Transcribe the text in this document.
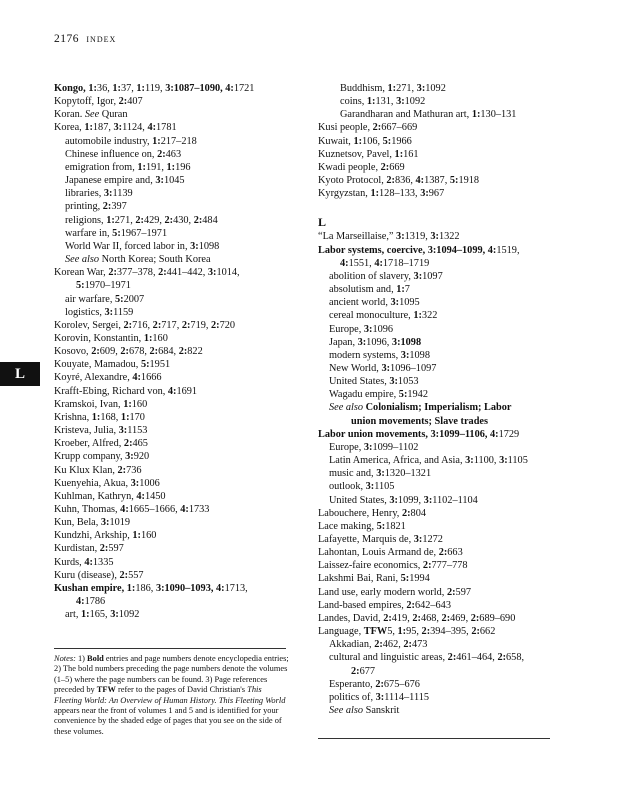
2176 index
L
Kongo, 1:36, 1:37, 1:119, 3:1087–1090, 4:1721
Kopytoff, Igor, 2:407
Koran. See Quran
Korea, 1:187, 3:1124, 4:1781
automobile industry, 1:217–218
Chinese influence on, 2:463
emigration from, 1:191, 1:196
Japanese empire and, 3:1045
libraries, 3:1139
printing, 2:397
religions, 1:271, 2:429, 2:430, 2:484
warfare in, 5:1967–1971
World War II, forced labor in, 3:1098
See also North Korea; South Korea
Korean War, 2:377–378, 2:441–442, 3:1014,
5:1970–1971
air warfare, 5:2007
logistics, 3:1159
Korolev, Sergei, 2:716, 2:717, 2:719, 2:720
Korovin, Konstantin, 1:160
Kosovo, 2:609, 2:678, 2:684, 2:822
Kouyate, Mamadou, 5:1951
Koyré, Alexandre, 4:1666
Krafft-Ebing, Richard von, 4:1691
Kramskoi, Ivan, 1:160
Krishna, 1:168, 1:170
Kristeva, Julia, 3:1153
Kroeber, Alfred, 2:465
Krupp company, 3:920
Ku Klux Klan, 2:736
Kuenyehia, Akua, 3:1006
Kuhlman, Kathryn, 4:1450
Kuhn, Thomas, 4:1665–1666, 4:1733
Kun, Bela, 3:1019
Kundzhi, Arkship, 1:160
Kurdistan, 2:597
Kurds, 4:1335
Kuru (disease), 2:557
Kushan empire, 1:186, 3:1090–1093, 4:1713,
4:1786
art, 1:165, 3:1092
Notes: 1) Bold entries and page numbers denote encyclopedia entries; 2) The bold numbers preceding the page numbers denote the volumes (1–5) where the page numbers can be found. 3) Page references preceded by TFW refer to the pages of David Christian's This Fleeting World: An Overview of Human History. This Fleeting World appears near the front of volumes 1 and 5 and is identified for your convenience by the shaded edge of pages that you see on the side of these volumes.
Buddhism, 1:271, 3:1092
coins, 1:131, 3:1092
Garandharan and Mathuran art, 1:130–131
Kusi people, 2:667–669
Kuwait, 1:106, 5:1966
Kuznetsov, Pavel, 1:161
Kwadi people, 2:669
Kyoto Protocol, 2:836, 4:1387, 5:1918
Kyrgyzstan, 1:128–133, 3:967
L
“La Marseillaise,” 3:1319, 3:1322
Labor systems, coercive, 3:1094–1099, 4:1519,
4:1551, 4:1718–1719
abolition of slavery, 3:1097
absolutism and, 1:7
ancient world, 3:1095
cereal monoculture, 1:322
Europe, 3:1096
Japan, 3:1096, 3:1098
modern systems, 3:1098
New World, 3:1096–1097
United States, 3:1053
Wagadu empire, 5:1942
See also Colonialism; Imperialism; Labor
union movements; Slave trades
Labor union movements, 3:1099–1106, 4:1729
Europe, 3:1099–1102
Latin America, Africa, and Asia, 3:1100, 3:1105
music and, 3:1320–1321
outlook, 3:1105
United States, 3:1099, 3:1102–1104
Labouchere, Henry, 2:804
Lace making, 5:1821
Lafayette, Marquis de, 3:1272
Lahontan, Louis Armand de, 2:663
Laissez-faire economics, 2:777–778
Lakshmi Bai, Rani, 5:1994
Land use, early modern world, 2:597
Land-based empires, 2:642–643
Landes, David, 2:419, 2:468, 2:469, 2:689–690
Language, TFW5, 1:95, 2:394–395, 2:662
Akkadian, 2:462, 2:473
cultural and linguistic areas, 2:461–464, 2:658,
2:677
Esperanto, 2:675–676
politics of, 3:1114–1115
See also Sanskrit
